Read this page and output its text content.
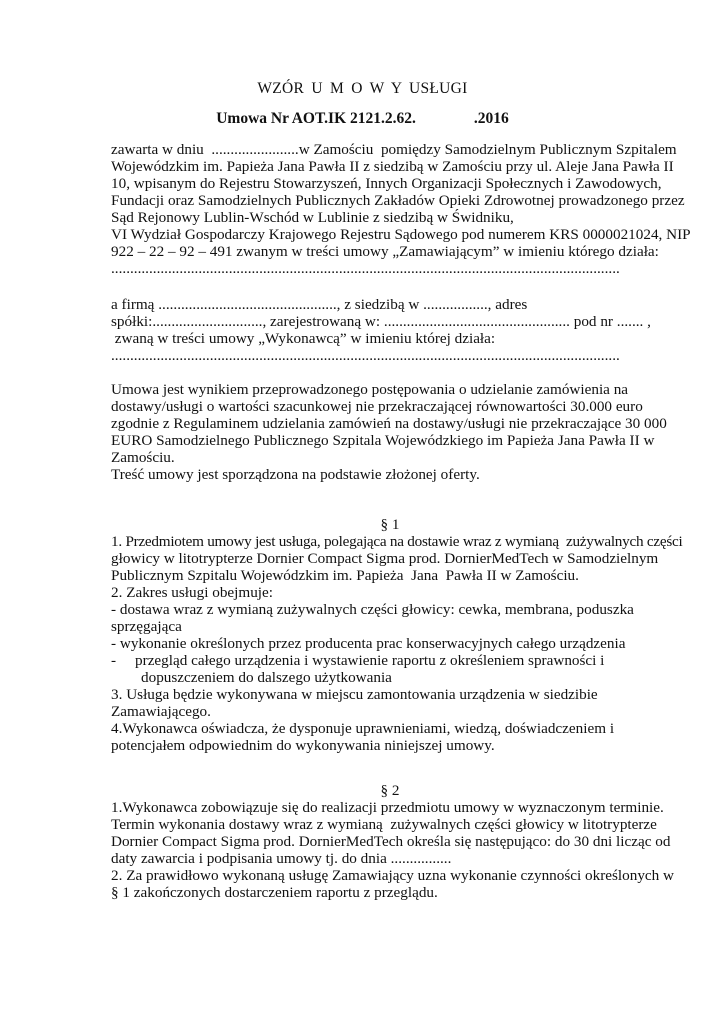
WZÓR U M O W Y USŁUGI
Umowa Nr AOT.IK 2121.2.62.	.2016
zawarta w dniu  .......................w Zamościu  pomiędzy Samodzielnym Publicznym Szpitalem
Wojewódzkim im. Papieża Jana Pawła II z siedzibą w Zamościu przy ul. Aleje Jana Pawła II
10, wpisanym do Rejestru Stowarzyszeń, Innych Organizacji Społecznych i Zawodowych,
Fundacji oraz Samodzielnych Publicznych Zakładów Opieki Zdrowotnej prowadzonego przez
Sąd Rejonowy Lublin-Wschód w Lublinie z siedzibą w Świdniku,
VI Wydział Gospodarczy Krajowego Rejestru Sądowego pod numerem KRS 0000021024, NIP
922 – 22 – 92 – 491 zwanym w treści umowy „Zamawiającym” w imieniu którego działa:
......................................................................................................................................
a firmą ..............................................., z siedzibą w ................., adres
spółki:............................., zarejestrowaną w: ................................................. pod nr ....... ,
zwaną w treści umowy „Wykonawcą” w imieniu której działa:
......................................................................................................................................
Umowa jest wynikiem przeprowadzonego postępowania o udzielanie zamówienia na
dostawy/usługi o wartości szacunkowej nie przekraczającej równowartości 30.000 euro
zgodnie z Regulaminem udzielania zamówień na dostawy/usługi nie przekraczające 30 000
EURO Samodzielnego Publicznego Szpitala Wojewódzkiego im Papieża Jana Pawła II w
Zamościu.
Treść umowy jest sporządzona na podstawie złożonej oferty.
§ 1
1. Przedmiotem umowy jest usługa, polegająca na dostawie wraz z wymianą  zużywalnych części
głowicy w litotrypterze Dornier Compact Sigma prod. DornierMedTech w Samodzielnym
Publicznym Szpitalu Wojewódzkim im. Papieża  Jana  Pawła II w Zamościu.
2. Zakres usługi obejmuje:
- dostawa wraz z wymianą zużywalnych części głowicy: cewka, membrana, poduszka
sprzęgająca
- wykonanie określonych przez producenta prac konserwacyjnych całego urządzenia
-     przegląd całego urządzenia i wystawienie raportu z określeniem sprawności i
dopuszczeniem do dalszego użytkowania
3. Usługa będzie wykonywana w miejscu zamontowania urządzenia w siedzibie
Zamawiającego.
4.Wykonawca oświadcza, że dysponuje uprawnieniami, wiedzą, doświadczeniem i
potencjałem odpowiednim do wykonywania niniejszej umowy.
§ 2
1.Wykonawca zobowiązuje się do realizacji przedmiotu umowy w wyznaczonym terminie.
Termin wykonania dostawy wraz z wymianą  zużywalnych części głowicy w litotrypterze
Dornier Compact Sigma prod. DornierMedTech określa się następująco: do 30 dni licząc od
daty zawarcia i podpisania umowy tj. do dnia ................
2. Za prawidłowo wykonaną usługę Zamawiający uzna wykonanie czynności określonych w
§ 1 zakończonych dostarczeniem raportu z przeglądu.
